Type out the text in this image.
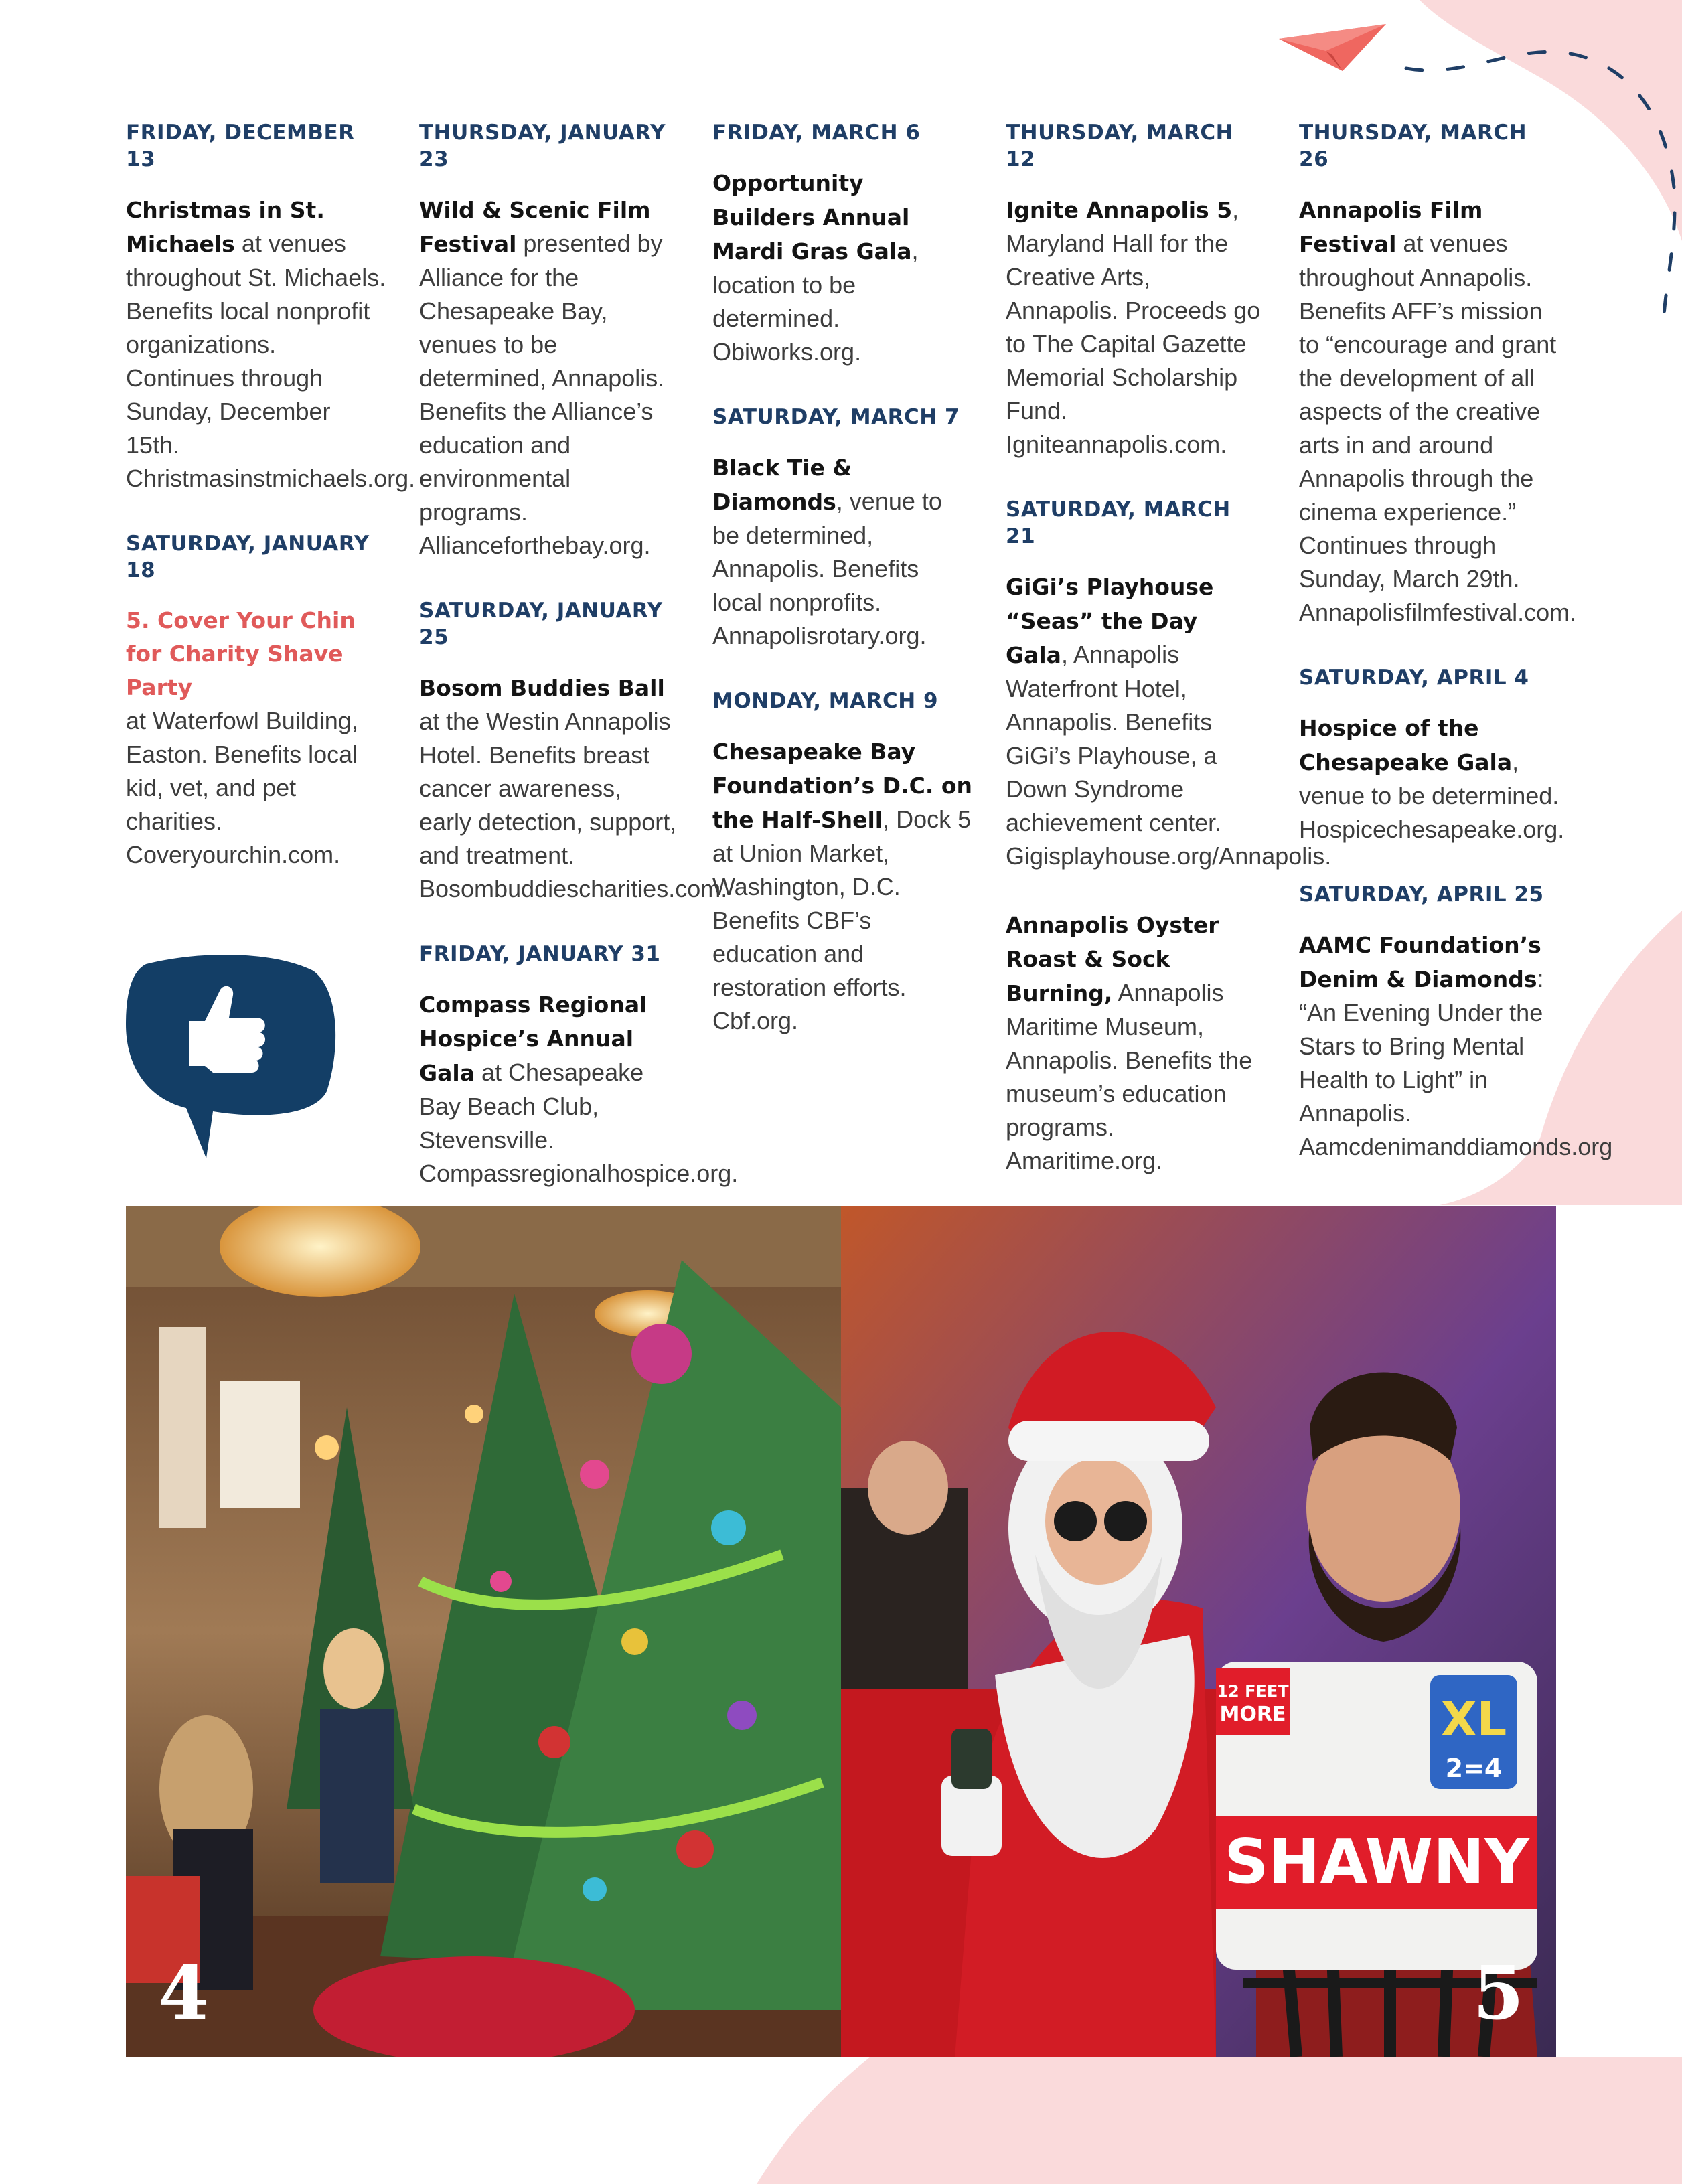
FRIDAY, DECEMBER 13
Christmas in St. Michaels at venues throughout St. Michaels. Benefits local nonprofit organizations. Continues through Sunday, December 15th. Christmasinstmichaels.org.
SATURDAY, JANUARY 18
5. Cover Your Chin for Charity Shave Party
at Waterfowl Building, Easton. Benefits local kid, vet, and pet charities. Coveryourchin.com.
THURSDAY, JANUARY 23
Wild & Scenic Film Festival presented by Alliance for the Chesapeake Bay, venues to be determined, Annapolis. Benefits the Alliance’s education and environmental programs. Allianceforthebay.org.
SATURDAY, JANUARY 25
Bosom Buddies Ball at the Westin Annapolis Hotel. Benefits breast cancer awareness, early detection, support, and treatment. Bosombuddiescharities.com.
FRIDAY, JANUARY 31
Compass Regional Hospice’s Annual Gala at Chesapeake Bay Beach Club, Stevensville. Compassregionalhospice.org.
FRIDAY, MARCH 6
Opportunity Builders Annual Mardi Gras Gala, location to be determined. Obiworks.org.
SATURDAY, MARCH 7
Black Tie & Diamonds, venue to be determined, Annapolis. Benefits local nonprofits. Annapolisrotary.org.
MONDAY, MARCH 9
Chesapeake Bay Foundation’s D.C. on the Half-Shell, Dock 5 at Union Market, Washington, D.C. Benefits CBF’s education and restoration efforts. Cbf.org.
THURSDAY, MARCH 12
Ignite Annapolis 5, Maryland Hall for the Creative Arts, Annapolis. Proceeds go to The Capital Gazette Memorial Scholarship Fund. Igniteannapolis.com.
SATURDAY, MARCH 21
GiGi’s Playhouse “Seas” the Day Gala, Annapolis Waterfront Hotel, Annapolis. Benefits GiGi’s Playhouse, a Down Syndrome achievement center. Gigisplayhouse.org/Annapolis.
Annapolis Oyster Roast & Sock Burning, Annapolis Maritime Museum, Annapolis. Benefits the museum’s education programs. Amaritime.org.
THURSDAY, MARCH 26
Annapolis Film Festival at venues throughout Annapolis. Benefits AFF’s mission to “encourage and grant the development of all aspects of the creative arts in and around Annapolis through the cinema experience.” Continues through Sunday, March 29th. Annapolisfilmfestival.com.
SATURDAY, APRIL 4
Hospice of the Chesapeake Gala, venue to be determined. Hospicechesapeake.org.
SATURDAY, APRIL 25
AAMC Foundation’s Denim & Diamonds: “An Evening Under the Stars to Bring Mental Health to Light” in Annapolis. Aamcdenimanddiamonds.org
4
XL
2=4
12 FEET
MORE
SHAWNY
5
